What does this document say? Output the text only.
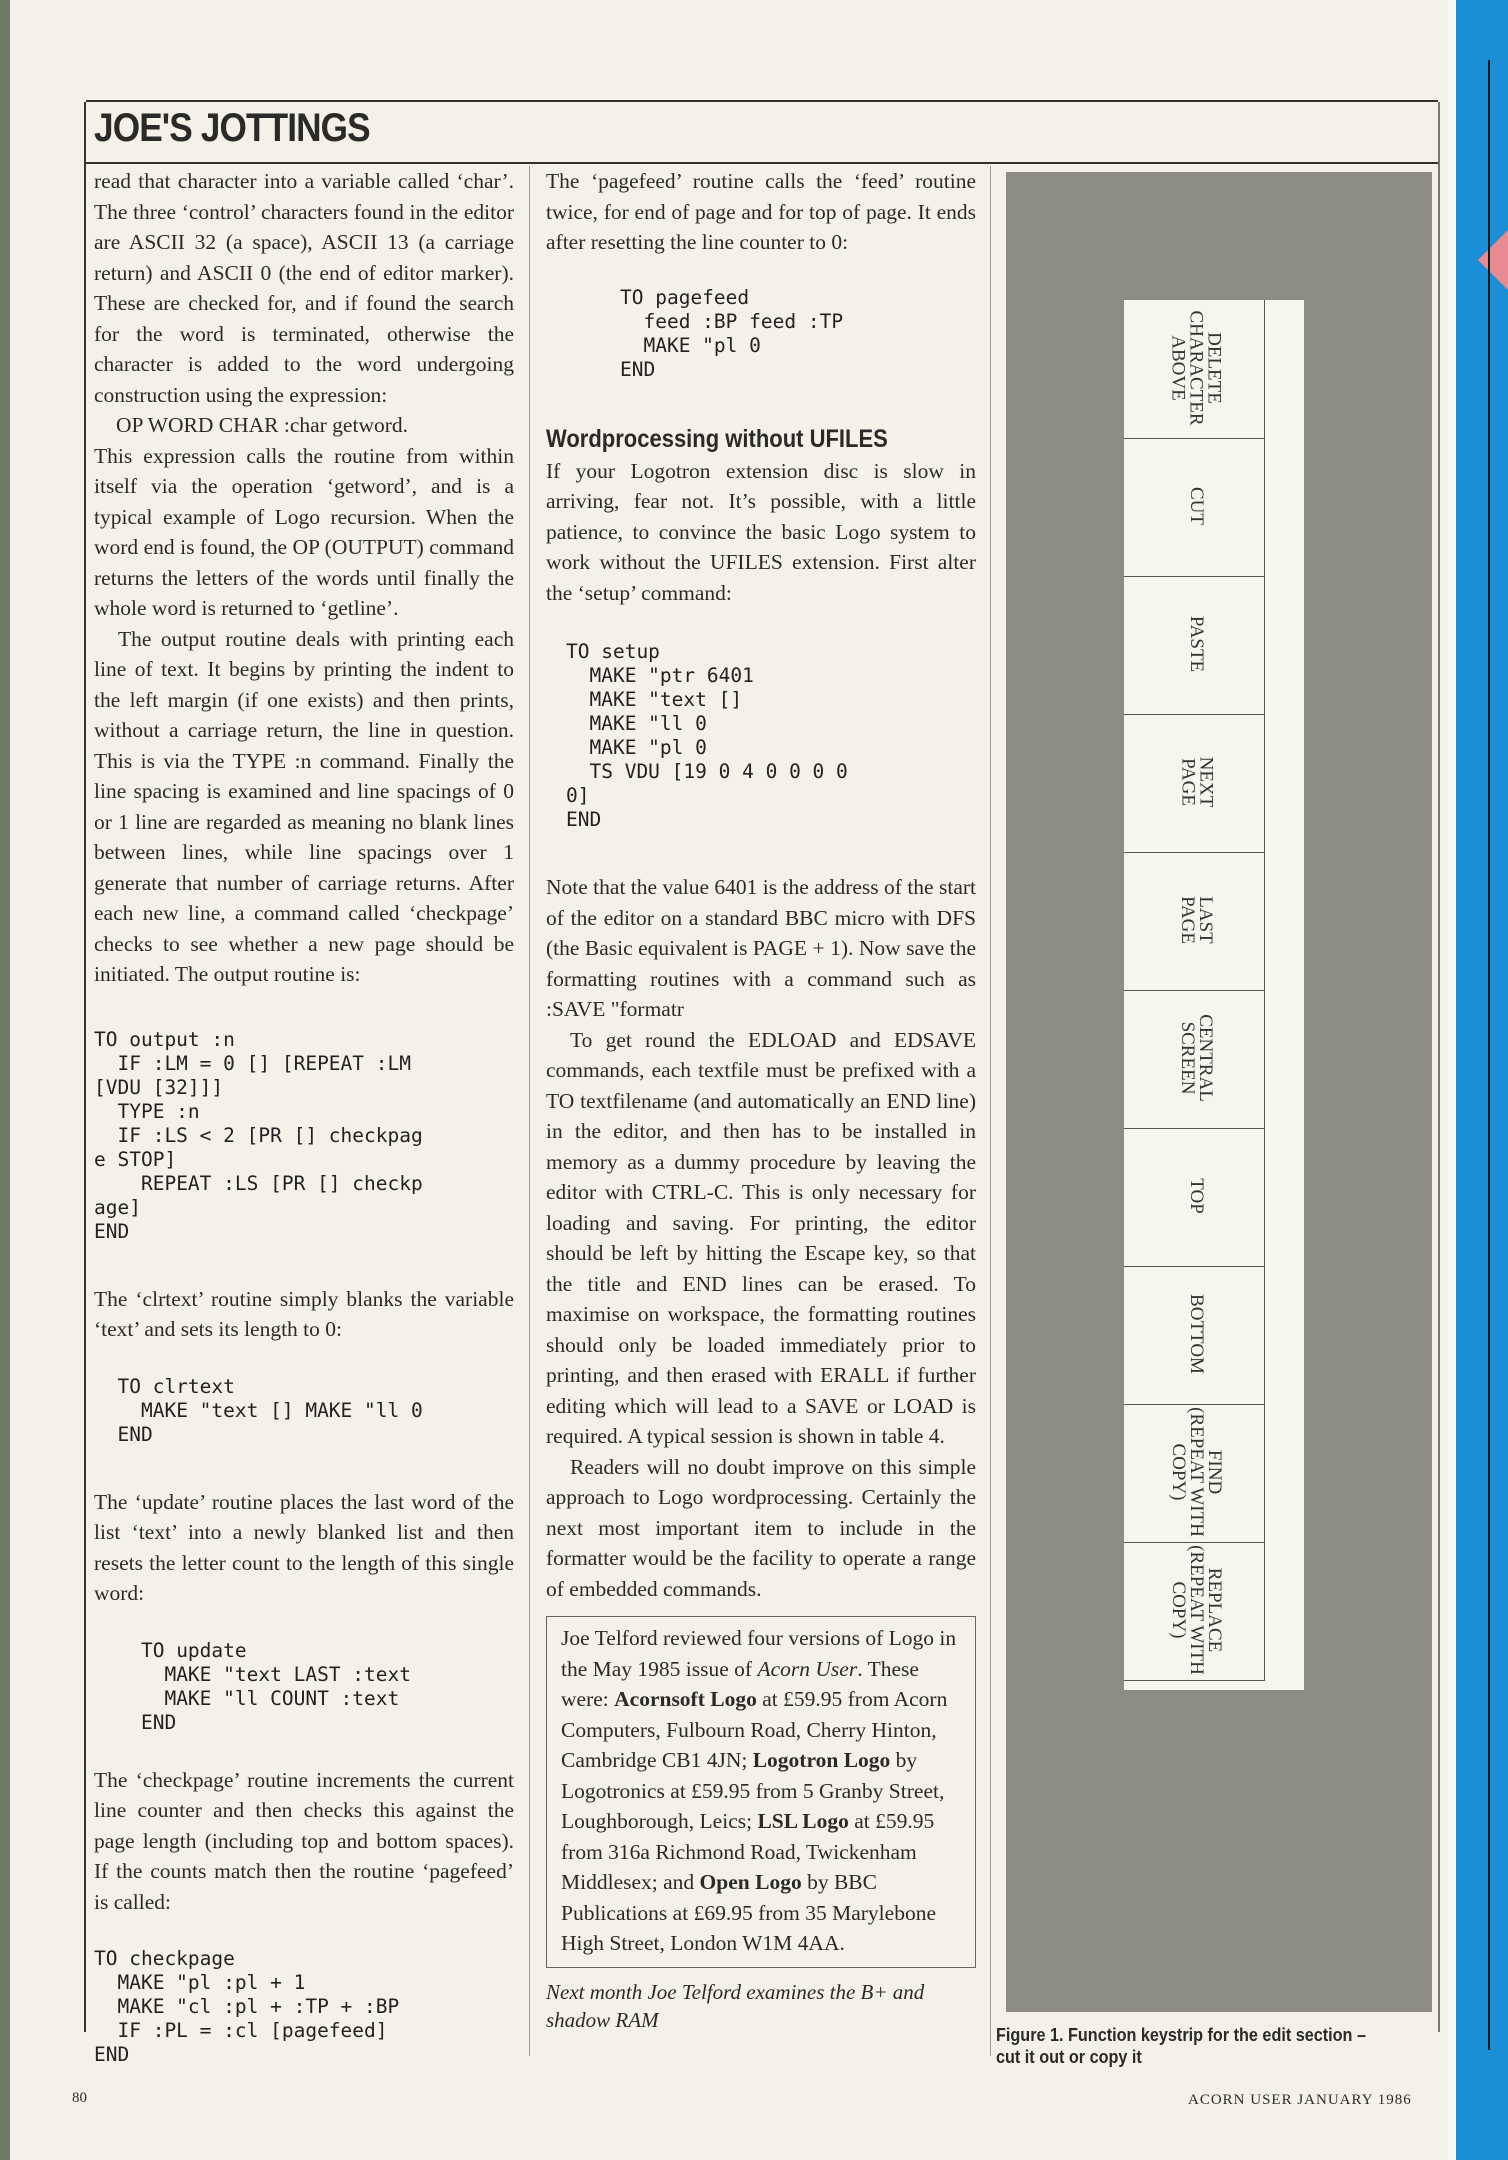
JOE'S JOTTINGS

read that character into a variable called ‘char’. The three ‘control’ characters found in the editor are ASCII 32 (a space), ASCII 13 (a carriage return) and ASCII 0 (the end of editor marker). These are checked for, and if found the search for the word is terminated, otherwise the character is added to the word undergoing construction using the expression:

OP WORD CHAR :char getword.

This expression calls the routine from within itself via the operation ‘getword’, and is a typical example of Logo recursion. When the word end is found, the OP (OUTPUT) command returns the letters of the words until finally the whole word is returned to ‘getline’.

The output routine deals with printing each line of text. It begins by printing the indent to the left margin (if one exists) and then prints, without a carriage return, the line in question. This is via the TYPE :n command. Finally the line spacing is examined and line spacings of 0 or 1 line are regarded as meaning no blank lines between lines, while line spacings over 1 generate that number of carriage returns. After each new line, a command called ‘checkpage’ checks to see whether a new page should be initiated. The output routine is:

TO output :n
IF :LM = 0 [] [REPEAT :LM
[VDU [32]]]
TYPE :n
IF :LS < 2 [PR [] checkpag
e STOP]
REPEAT :LS [PR [] checkp
age]
END

The ‘clrtext’ routine simply blanks the variable ‘text’ and sets its length to 0:

TO clrtext
MAKE "text [] MAKE "ll 0
END

The ‘update’ routine places the last word of the list ‘text’ into a newly blanked list and then resets the letter count to the length of this single word:

TO update
MAKE "text LAST :text
MAKE "ll COUNT :text
END

The ‘checkpage’ routine increments the current line counter and then checks this against the page length (including top and bottom spaces). If the counts match then the routine ‘pagefeed’ is called:

TO checkpage
MAKE "pl :pl + 1
MAKE "cl :pl + :TP + :BP
IF :PL = :cl [pagefeed]
END

The ‘pagefeed’ routine calls the ‘feed’ routine twice, for end of page and for top of page. It ends after resetting the line counter to 0:

TO pagefeed
feed :BP feed :TP
MAKE "pl 0
END
Wordprocessing without UFILES

If your Logotron extension disc is slow in arriving, fear not. It’s possible, with a little patience, to convince the basic Logo system to work without the UFILES extension. First alter the ‘setup’ command:

TO setup
MAKE "ptr 6401
MAKE "text []
MAKE "ll 0
MAKE "pl 0
TS VDU [19 0 4 0 0 0 0
0]
END

Note that the value 6401 is the address of the start of the editor on a standard BBC micro with DFS (the Basic equivalent is PAGE + 1). Now save the formatting routines with a command such as :SAVE "formatr

To get round the EDLOAD and EDSAVE commands, each textfile must be prefixed with a TO textfilename (and automatically an END line) in the editor, and then has to be installed in memory as a dummy procedure by leaving the editor with CTRL-C. This is only necessary for loading and saving. For printing, the editor should be left by hitting the Escape key, so that the title and END lines can be erased. To maximise on workspace, the formatting routines should only be loaded immediately prior to printing, and then erased with ERALL if further editing which will lead to a SAVE or LOAD is required. A typical session is shown in table 4.

Readers will no doubt improve on this simple approach to Logo wordprocessing. Certainly the next most important item to include in the formatter would be the facility to operate a range of embedded commands.

Joe Telford reviewed four versions of Logo in the May 1985 issue of Acorn User. These were: Acornsoft Logo at £59.95 from Acorn Computers, Fulbourn Road, Cherry Hinton, Cambridge CB1 4JN; Logotron Logo by Logotronics at £59.95 from 5 Granby Street, Loughborough, Leics; LSL Logo at £59.95 from 316a Richmond Road, Twickenham Middlesex; and Open Logo by BBC Publications at £69.95 from 35 Marylebone High Street, London W1M 4AA.
Next month Joe Telford examines the B+ and shadow RAM
DELETE
CHARACTER
ABOVE
CUT
PASTE
NEXT
PAGE
LAST
PAGE
CENTRAL
SCREEN
TOP
BOTTOM
FIND
(REPEAT WITH COPY)
REPLACE
(REPEAT WITH COPY)
Figure 1. Function keystrip for the edit section – cut it out or copy it
80	ACORN USER JANUARY 1986
